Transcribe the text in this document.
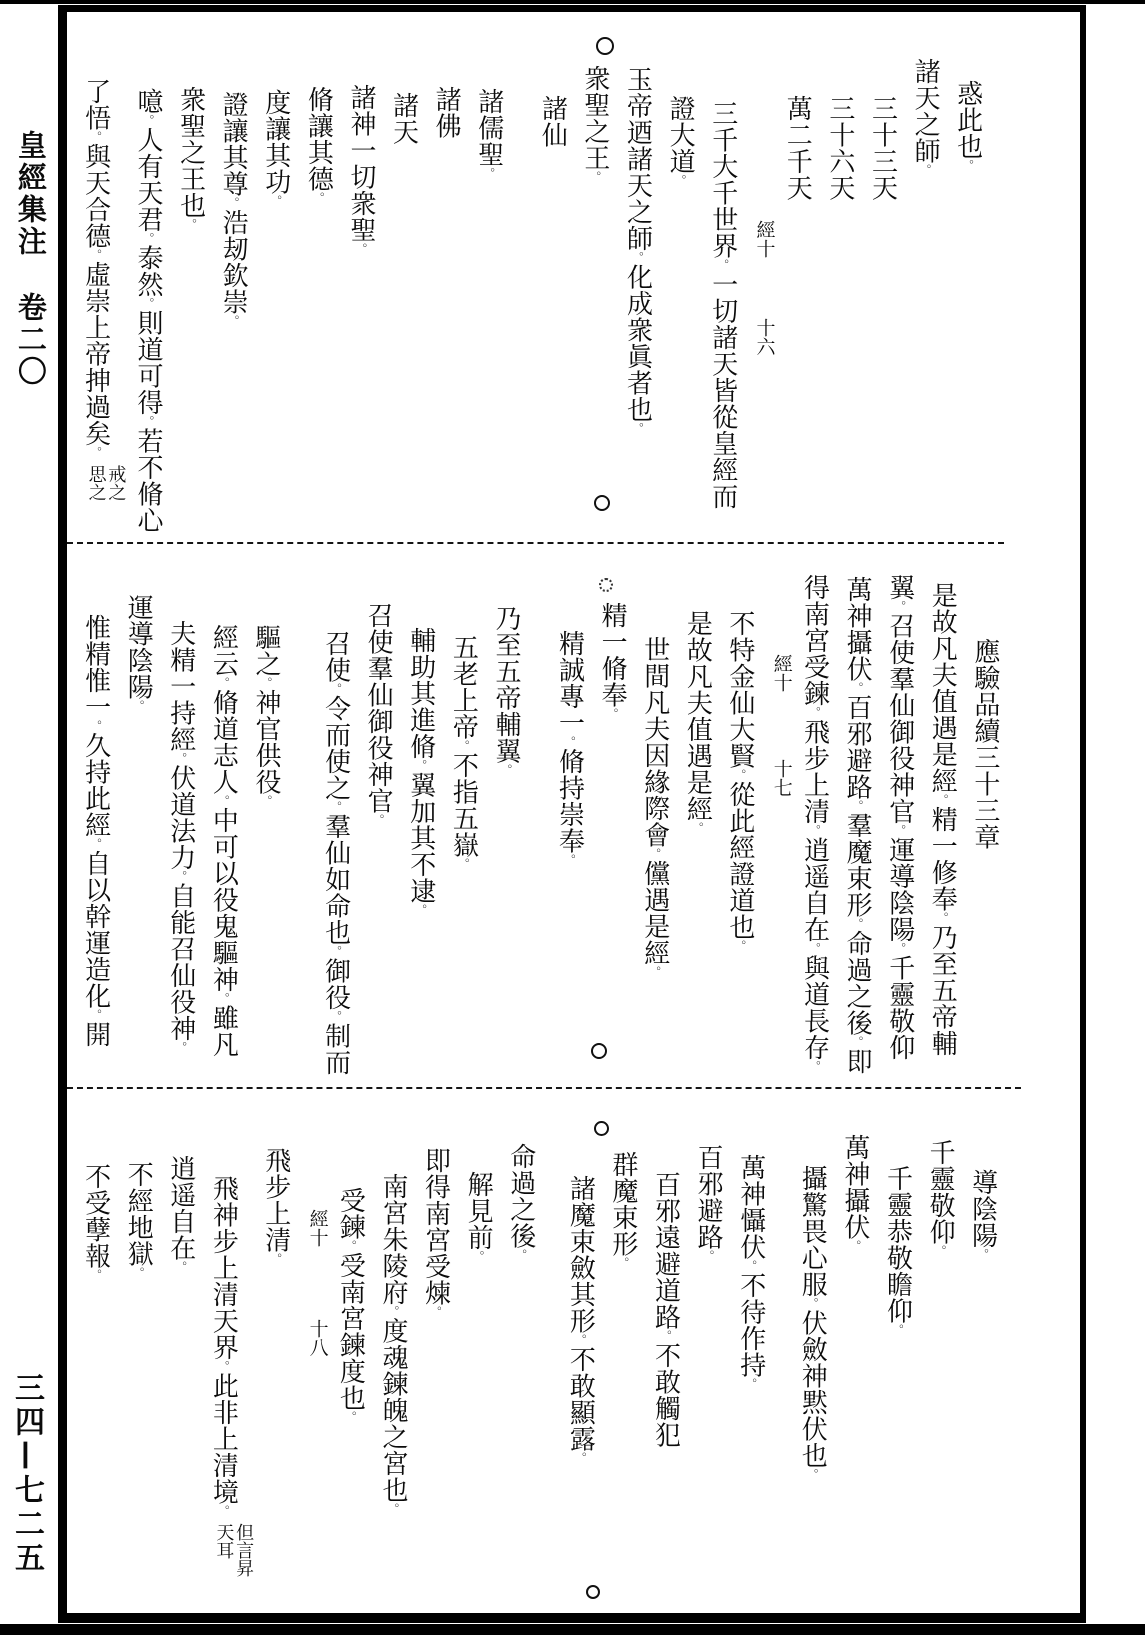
皇經集注卷二〇
三四—七二五
惑此也。
諸天之師。
三十三天
三十六天
萬二千天
經十
十六
三千大千世界。一切諸天皆從皇經而
證大道。
玉帝迺諸天之師。化成衆眞者也。
衆聖之王。
諸仙
諸儒聖。
諸佛
諸天
諸神一切衆聖。
脩讓其德。
度讓其功。
證讓其尊。浩刼欽崇。
衆聖之王也。
噫。人有天君。泰然。則道可得。若不脩心
了悟。與天合德。虛崇上帝抻過矣。
戒之
思之
應驗品續三十三章
是故凡夫值遇是經。精一修奉。乃至五帝輔
翼。召使羣仙御役神官。運導陰陽。千靈敬仰
萬神攝伏。百邪避路。羣魔束形。命過之後。即
得南宮受鍊。飛步上清。逍遥自在。與道長存。
經十
十七
不特金仙大賢。從此經證道也。
是故凡夫值遇是經。
世間凡夫因緣際會。儻遇是經。
精一脩奉。
精誠專一。脩持崇奉。
乃至五帝輔翼。
五老上帝。不指五嶽。
輔助其進脩。翼加其不逮。
召使羣仙御役神官。
召使。令而使之。羣仙如命也。御役。制而
驅之。神官供役。
經云。脩道志人。中可以役鬼驅神。雖凡
夫精一持經。伏道法力。自能召仙役神。
運導陰陽。
惟精惟一。久持此經。自以幹運造化。開
導陰陽。
千靈敬仰。
千靈恭敬瞻仰。
萬神攝伏。
攝驚畏心服。伏斂神黙伏也。
萬神懾伏。不待作持。
百邪避路。
百邪遠避道路。不敢觸犯
群魔束形。
諸魔束斂其形。不敢顯露。
命過之後。
解見前。
即得南宮受煉。
南宮朱陵府。度魂鍊魄之宮也。
受鍊。受南宮鍊度也。
經十
十八
飛步上清。
飛神步上清天界。此非上清境。
但言昇
天耳
逍遥自在。
不經地獄。
不受孽報。
